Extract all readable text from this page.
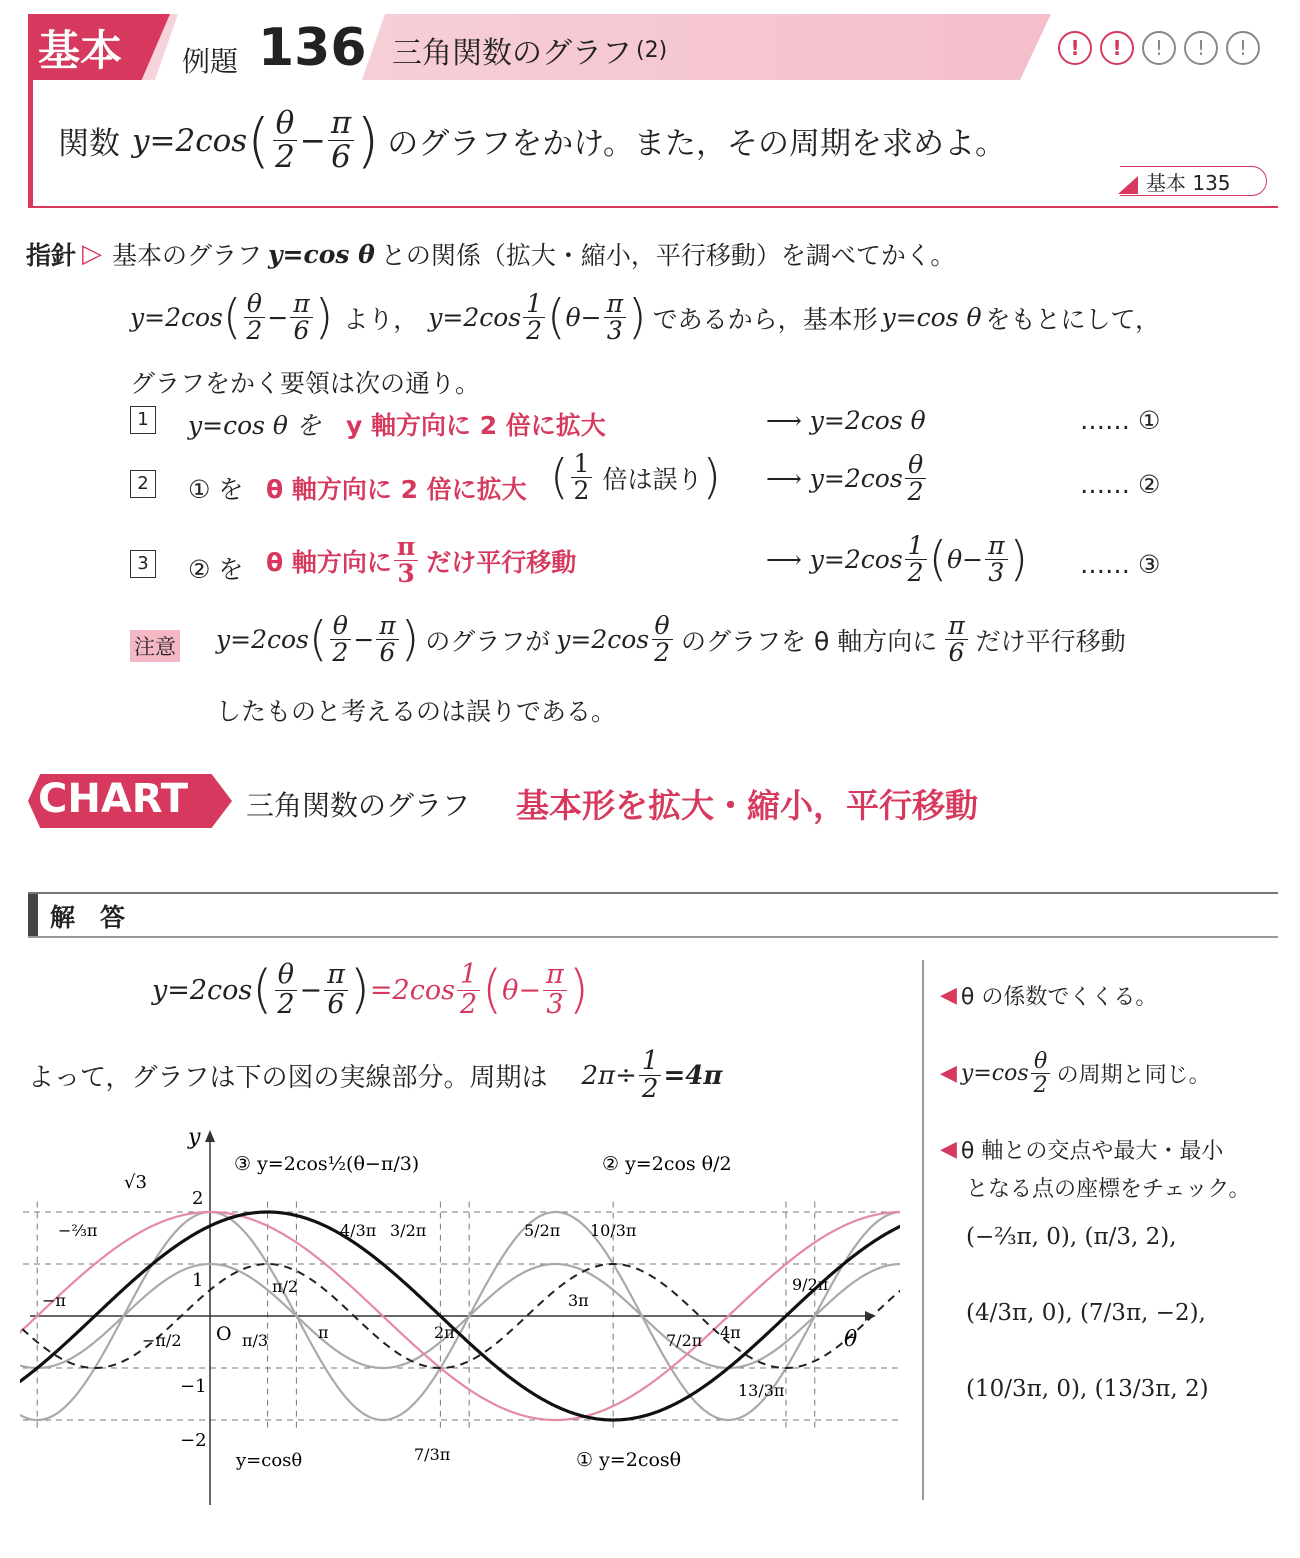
基本 例題 136 三角関数のグラフ (2)	!	!	!	!	!
関数 y=2cos ( $\frac{\theta}{2} - \frac{\pi}{6}$ ) のグラフをかけ。また，その周期を求めよ。
基本 135
指針 ▷ 基本のグラフ y=cos θ との関係（拡大・縮小，平行移動）を調べてかく。
y=2cos ( $\frac{\theta}{2} - \frac{\pi}{6}$ ) より， $y=2\cos \frac{1}{2}$ ( $\theta- \frac{\pi}{3}$ ) であるから，基本形 y=cos θ をもとにして，
グラフをかく要領は次の通り。
1 y=cos θ を y 軸方向に 2 倍に拡大	⟶ y=2cos θ	…… ①
2 ① を θ 軸方向に 2 倍に拡大 ( $\frac{1}{2}$ 倍は誤り ) ⟶ $y=2\cos \frac{\theta}{2}$	…… ②
3 ② を θ 軸方向に $\frac{\pi}{3}$ だけ平行移動	⟶ $y=2\cos \frac{1}{2}$ ( $\theta- \frac{\pi}{3}$ ) …… ③
注意 y=2cos ( $\frac{\theta}{2} - \frac{\pi}{6}$ ) のグラフが $y=2\cos \frac{\theta}{2}$ のグラフを θ 軸方向に $\frac{\pi}{6}$ だけ平行移動
したものと考えるのは誤りである。
CHART 三角関数のグラフ 基本形を拡大・縮小，平行移動
解　答
y=2cos ( $\frac{\theta}{2} - \frac{\pi}{6}$ ) $=2\cos \frac{1}{2}$ ( $\theta- \frac{\pi}{3}$ )
よって，グラフは下の図の実線部分。周期は $2\pi\div \frac{1}{2} =4\pi$
◀ θ の係数でくくる。
◀ $y=\cos \frac{\theta}{2}$ の周期と同じ。
◀ θ 軸との交点や最大・最小
となる点の座標をチェック。
(−⅔π, 0), (π/3, 2),
(4/3π, 0), (7/3π, −2),
(10/3π, 0), (13/3π, 2)
y
θ
O
√3
2
1
−1
−2
③ y=2cos½(θ−π/3)	② y=2cos θ/2
y=cosθ	① y=2cosθ
−⅔π
−π
−π/2	π/3
π/2
π
4/3π 3/2π
2π
7/3π
5/2π
3π
10/3π
7/2π 4π
13/3π
9/2π
